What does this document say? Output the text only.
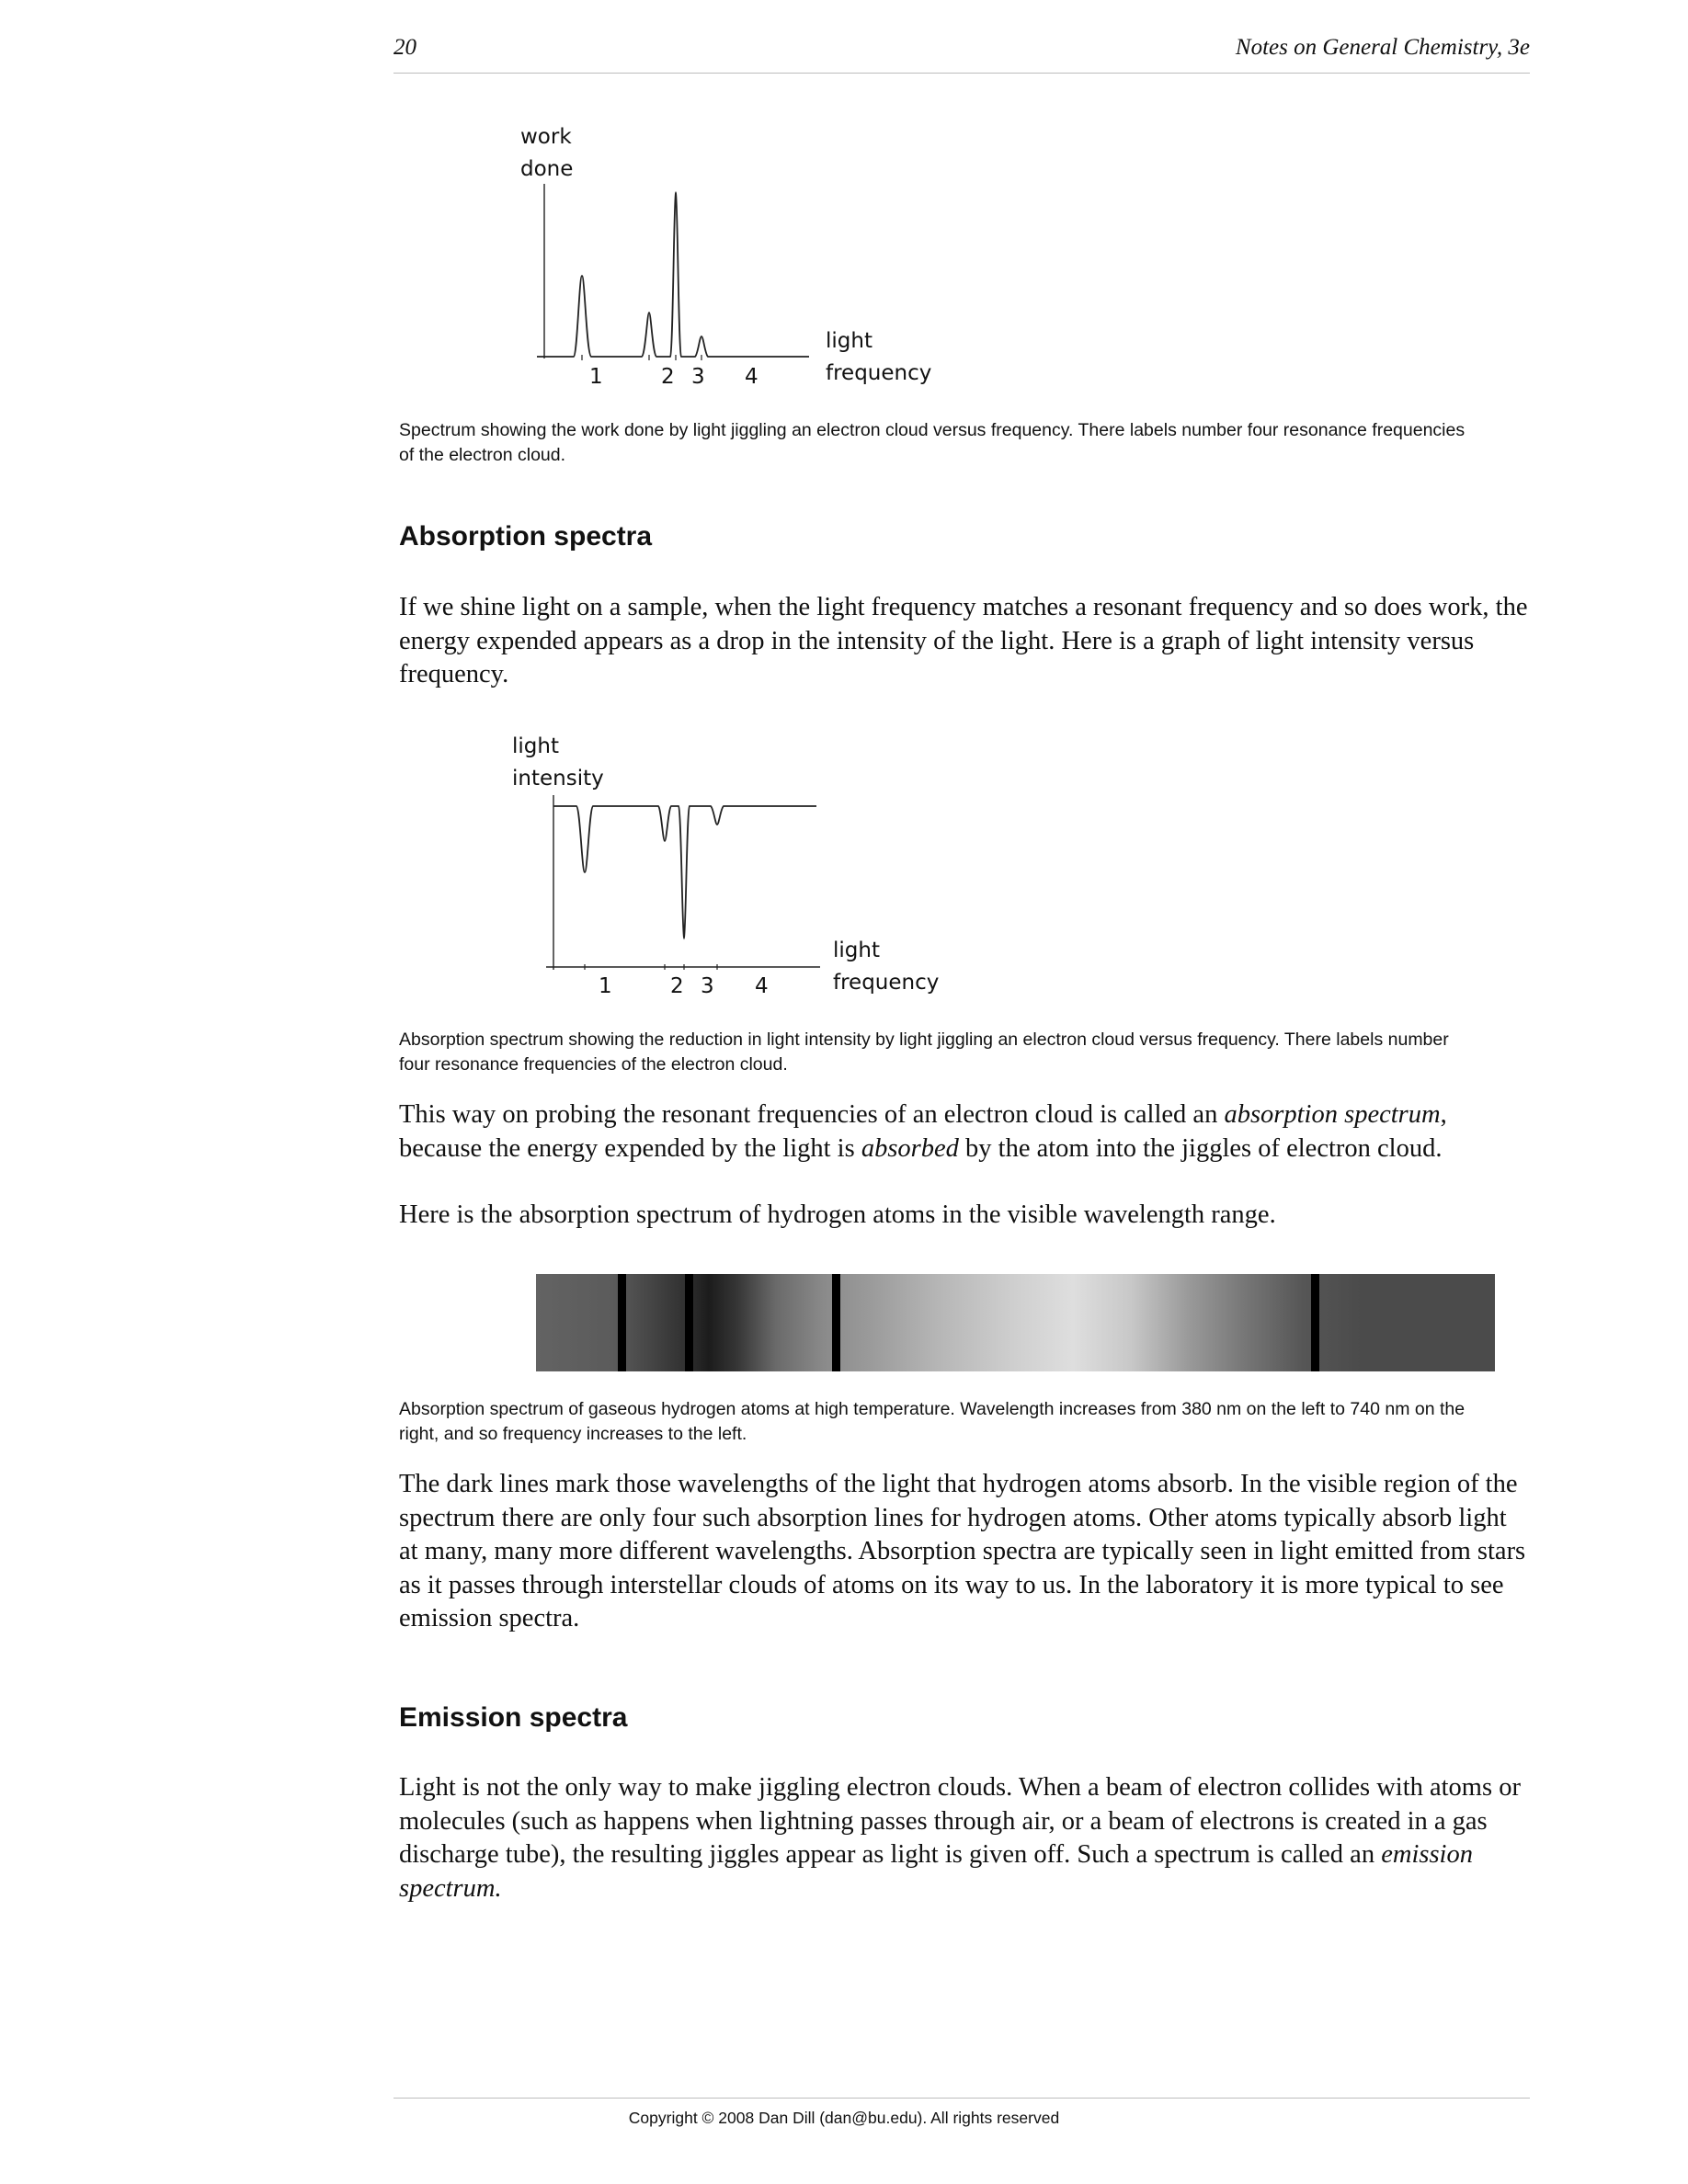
20	Notes on General Chemistry, 3e
work
done
1	2 3 4
light
frequency

Spectrum showing the work done by light jiggling an electron cloud versus frequency. There labels number four resonance frequencies of the electron cloud.

Absorption spectra

If we shine light on a sample, when the light frequency matches a resonant frequency and so does work, the energy expended appears as a drop in the intensity of the light. Here is a graph of light intensity versus frequency.

light
intensity
1	2 3 4
light
frequency

Absorption spectrum showing the reduction in light intensity by light jiggling an electron cloud versus frequency. There labels number four resonance frequencies of the electron cloud.

This way on probing the resonant frequencies of an electron cloud is called an absorption spectrum, because the energy expended by the light is absorbed by the atom into the jiggles of electron cloud.

Here is the absorption spectrum of hydrogen atoms in the visible wavelength range.

Absorption spectrum of gaseous hydrogen atoms at high temperature. Wavelength increases from 380 nm on the left to 740 nm on the right, and so frequency increases to the left.

The dark lines mark those wavelengths of the light that hydrogen atoms absorb. In the visible region of the spectrum there are only four such absorption lines for hydrogen atoms. Other atoms typically absorb light at many, many more different wavelengths. Absorption spectra are typically seen in light emitted from stars as it passes through interstellar clouds of atoms on its way to us. In the laboratory it is more typical to see emission spectra.

Emission spectra

Light is not the only way to make jiggling electron clouds. When a beam of electron collides with atoms or molecules (such as happens when lightning passes through air, or a beam of electrons is created in a gas discharge tube), the resulting jiggles appear as light is given off. Such a spectrum is called an emission spectrum.

Copyright © 2008 Dan Dill (dan@bu.edu). All rights reserved
